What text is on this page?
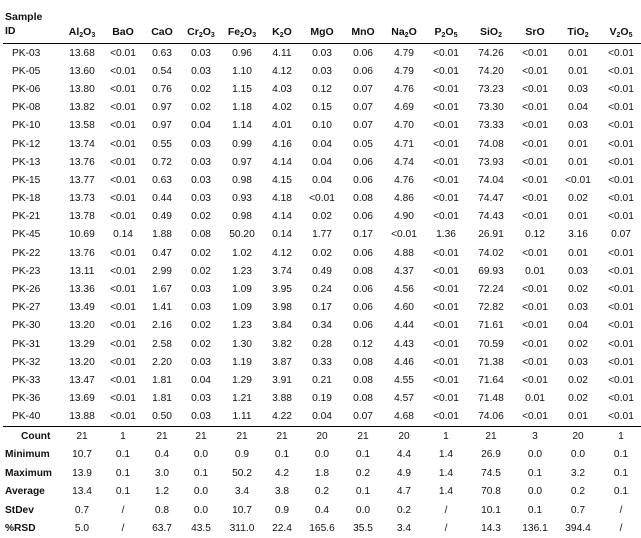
Sample
ID	$Al_2O_3$	BaO	CaO	$Cr_2O_3$	$Fe_2O_3$	$K_2O$	MgO	MnO	$Na_2O$	$P_2O_5$	SiO$_2$	SrO	TiO$_2$	$V_2O_5$
PK-03	13.68	<0.01	0.63	0.03	0.96	4.11	0.03	0.06	4.79	<0.01	74.26	<0.01	0.01	<0.01
PK-05	13.60	<0.01	0.54	0.03	1.10	4.12	0.03	0.06	4.79	<0.01	74.20	<0.01	0.01	<0.01
PK-06	13.80	<0.01	0.76	0.02	1.15	4.03	0.12	0.07	4.76	<0.01	73.23	<0.01	0.03	<0.01
PK-08	13.82	<0.01	0.97	0.02	1.18	4.02	0.15	0.07	4.69	<0.01	73.30	<0.01	0.04	<0.01
PK-10	13.58	<0.01	0.97	0.04	1.14	4.01	0.10	0.07	4.70	<0.01	73.33	<0.01	0.03	<0.01
PK-12	13.74	<0.01	0.55	0.03	0.99	4.16	0.04	0.05	4.71	<0.01	74.08	<0.01	0.01	<0.01
PK-13	13.76	<0.01	0.72	0.03	0.97	4.14	0.04	0.06	4.74	<0.01	73.93	<0.01	0.01	<0.01
PK-15	13.77	<0.01	0.63	0.03	0.98	4.15	0.04	0.06	4.76	<0.01	74.04	<0.01	<0.01	<0.01
PK-18	13.73	<0.01	0.44	0.03	0.93	4.18	<0.01	0.08	4.86	<0.01	74.47	<0.01	0.02	<0.01
PK-21	13.78	<0.01	0.49	0.02	0.98	4.14	0.02	0.06	4.90	<0.01	74.43	<0.01	0.01	<0.01
PK-45	10.69	0.14	1.88	0.08	50.20	0.14	1.77	0.17	<0.01	1.36	26.91	0.12	3.16	0.07
PK-22	13.76	<0.01	0.47	0.02	1.02	4.12	0.02	0.06	4.88	<0.01	74.02	<0.01	0.01	<0.01
PK-23	13.11	<0.01	2.99	0.02	1.23	3.74	0.49	0.08	4.37	<0.01	69.93	0.01	0.03	<0.01
PK-26	13.36	<0.01	1.67	0.03	1.09	3.95	0.24	0.06	4.56	<0.01	72.24	<0.01	0.02	<0.01
PK-27	13.49	<0.01	1.41	0.03	1.09	3.98	0.17	0.06	4.60	<0.01	72.82	<0.01	0.03	<0.01
PK-30	13.20	<0.01	2.16	0.02	1.23	3.84	0.34	0.06	4.44	<0.01	71.61	<0.01	0.04	<0.01
PK-31	13.29	<0.01	2.58	0.02	1.30	3.82	0.28	0.12	4.43	<0.01	70.59	<0.01	0.02	<0.01
PK-32	13.20	<0.01	2.20	0.03	1.19	3.87	0.33	0.08	4.46	<0.01	71.38	<0.01	0.03	<0.01
PK-33	13.47	<0.01	1.81	0.04	1.29	3.91	0.21	0.08	4.55	<0.01	71.64	<0.01	0.02	<0.01
PK-36	13.69	<0.01	1.81	0.03	1.21	3.88	0.19	0.08	4.57	<0.01	71.48	0.01	0.02	<0.01
PK-40	13.88	<0.01	0.50	0.03	1.11	4.22	0.04	0.07	4.68	<0.01	74.06	<0.01	0.01	<0.01
Count	21	1	21	21	21	21	20	21	20	1	21	3	20	1
Minimum	10.7	0.1	0.4	0.0	0.9	0.1	0.0	0.1	4.4	1.4	26.9	0.0	0.0	0.1
Maximum	13.9	0.1	3.0	0.1	50.2	4.2	1.8	0.2	4.9	1.4	74.5	0.1	3.2	0.1
Average	13.4	0.1	1.2	0.0	3.4	3.8	0.2	0.1	4.7	1.4	70.8	0.0	0.2	0.1
StDev	0.7	/	0.8	0.0	10.7	0.9	0.4	0.0	0.2	/	10.1	0.1	0.7	/
%RSD	5.0	/	63.7	43.5	311.0	22.4	165.6	35.5	3.4	/	14.3	136.1	394.4	/
